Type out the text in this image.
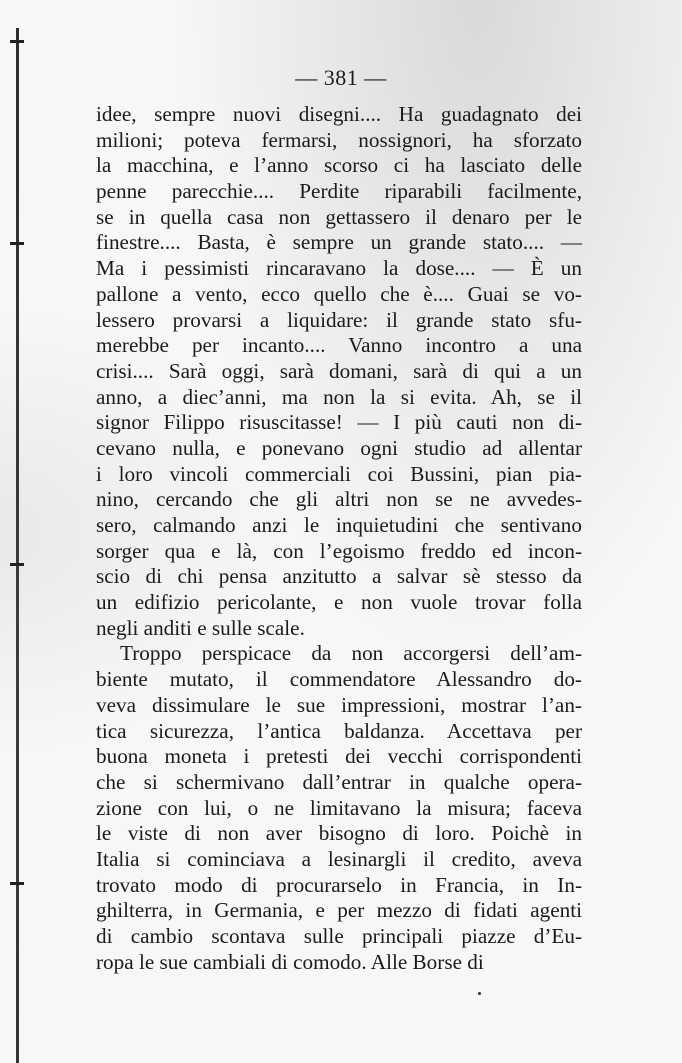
— 381 —
idee, sempre nuovi disegni.... Ha guadagnato dei
milioni; poteva fermarsi, nossignori, ha sforzato
la macchina, e l’anno scorso ci ha lasciato delle
penne parecchie.... Perdite riparabili facilmente,
se in quella casa non gettassero il denaro per le
finestre.... Basta, è sempre un grande stato.... —
Ma i pessimisti rincaravano la dose.... — È un
pallone a vento, ecco quello che è.... Guai se vo-
lessero provarsi a liquidare: il grande stato sfu-
merebbe per incanto.... Vanno incontro a una
crisi.... Sarà oggi, sarà domani, sarà di qui a un
anno, a diec’anni, ma non la si evita. Ah, se il
signor Filippo risuscitasse! — I più cauti non di-
cevano nulla, e ponevano ogni studio ad allentar
i loro vincoli commerciali coi Bussini, pian pia-
nino, cercando che gli altri non se ne avvedes-
sero, calmando anzi le inquietudini che sentivano
sorger qua e là, con l’egoismo freddo ed incon-
scio di chi pensa anzitutto a salvar sè stesso da
un edifizio pericolante, e non vuole trovar folla
negli anditi e sulle scale.
Troppo perspicace da non accorgersi dell’am-
biente mutato, il commendatore Alessandro do-
veva dissimulare le sue impressioni, mostrar l’an-
tica sicurezza, l’antica baldanza. Accettava per
buona moneta i pretesti dei vecchi corrispondenti
che si schermivano dall’entrar in qualche opera-
zione con lui, o ne limitavano la misura; faceva
le viste di non aver bisogno di loro. Poichè in
Italia si cominciava a lesinargli il credito, aveva
trovato modo di procurarselo in Francia, in In-
ghilterra, in Germania, e per mezzo di fidati agenti
di cambio scontava sulle principali piazze d’Eu-
ropa le sue cambiali di comodo. Alle Borse di
